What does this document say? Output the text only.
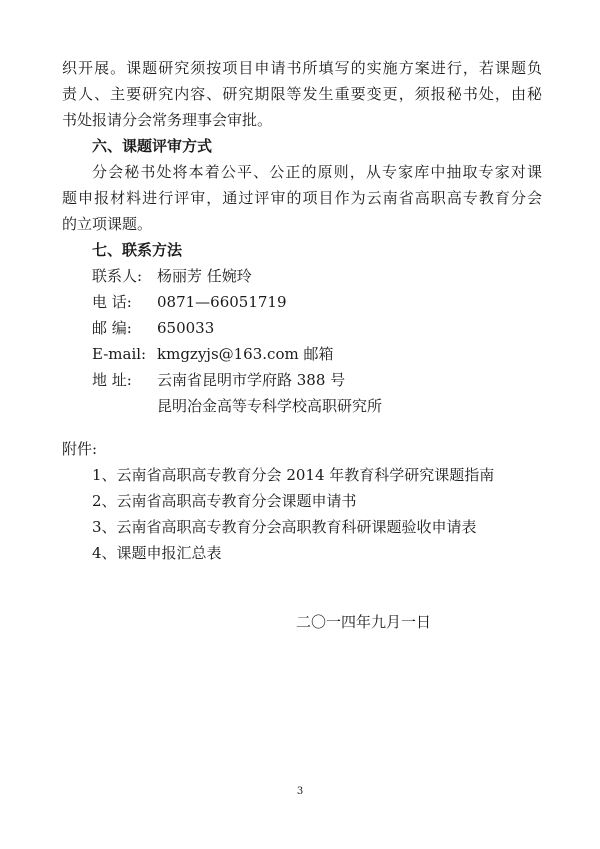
织开展。课题研究须按项目申请书所填写的实施方案进行，若课题负
责人、主要研究内容、研究期限等发生重要变更，须报秘书处，由秘
书处报请分会常务理事会审批。
六、课题评审方式
分会秘书处将本着公平、公正的原则，从专家库中抽取专家对课
题申报材料进行评审，通过评审的项目作为云南省高职高专教育分会
的立项课题。
七、联系方法
联系人: 杨丽芳 任婉玲
电 话: 0871—66051719
邮 编: 650033
E-mail: kmgzyjs@163.com 邮箱
地 址: 云南省昆明市学府路 388 号
昆明冶金高等专科学校高职研究所
附件:
1、云南省高职高专教育分会 2014 年教育科学研究课题指南
2、云南省高职高专教育分会课题申请书
3、云南省高职高专教育分会高职教育科研课题验收申请表
4、课题申报汇总表
二〇一四年九月一日
3
